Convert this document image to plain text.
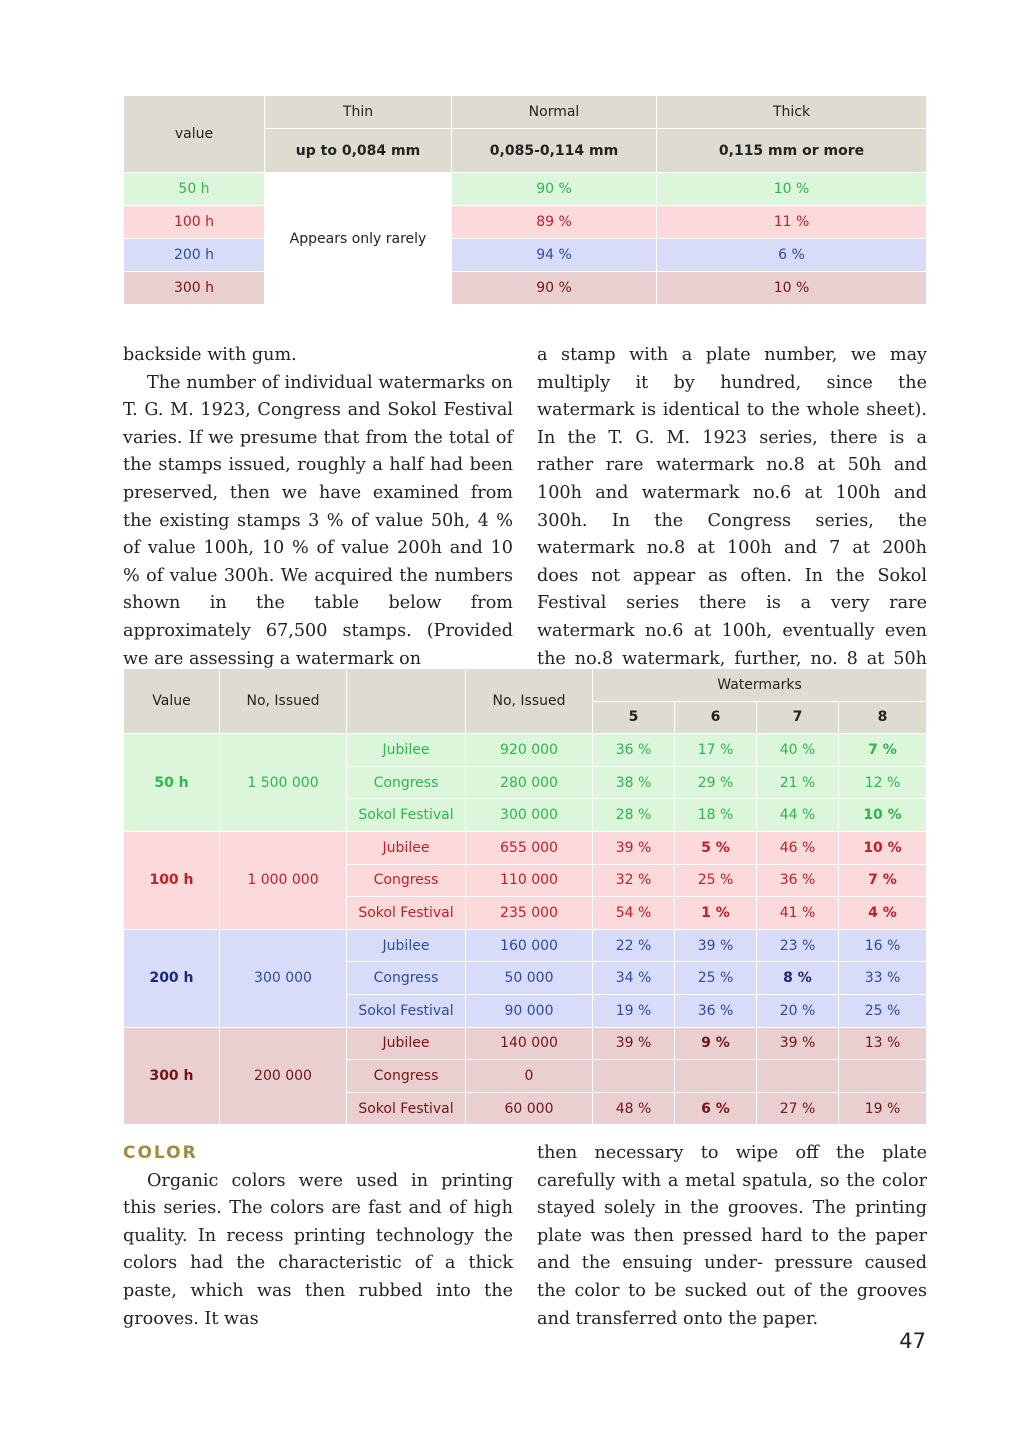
value	Thin	Normal	Thick
	up to 0,084 mm	0,085-0,114 mm	0,115 mm or more
50 h	Appears only rarely	90 %	10 %
100 h		89 %	11 %
200 h		94 %	6 %
300 h		90 %	10 %

backside with gum.

The number of individual watermarks on T. G. M. 1923, Congress and Sokol Festival varies. If we presume that from the total of the stamps issued, roughly a half had been preserved, then we have examined from the existing stamps 3 % of value 50h, 4 % of value 100h, 10 % of value 200h and 10 % of value 300h. We acquired the numbers shown in the table below from approximately 67,500 stamps. (Provided we are assessing a watermark on

a stamp with a plate number, we may multiply it by hundred, since the watermark is identical to the whole sheet). In the T. G. M. 1923 series, there is a rather rare watermark no.8 at 50h and 100h and watermark no.6 at 100h and 300h. In the Congress series, the watermark no.8 at 100h and 7 at 200h does not appear as often. In the Sokol Festival series there is a very rare watermark no.6 at 100h, eventually even the no.8 watermark, further, no. 8 at 50h

Value	No, Issued		No, Issued	Watermarks			
				5	6	7	8
50 h	1 500 000	Jubilee	920 000	36 %	17 %	40 %	7 %
		Congress	280 000	38 %	29 %	21 %	12 %
		Sokol Festival	300 000	28 %	18 %	44 %	10 %
100 h	1 000 000	Jubilee	655 000	39 %	5 %	46 %	10 %
		Congress	110 000	32 %	25 %	36 %	7 %
		Sokol Festival	235 000	54 %	1 %	41 %	4 %
200 h	300 000	Jubilee	160 000	22 %	39 %	23 %	16 %
		Congress	50 000	34 %	25 %	8 %	33 %
		Sokol Festival	90 000	19 %	36 %	20 %	25 %
300 h	200 000	Jubilee	140 000	39 %	9 %	39 %	13 %
		Congress	0				
		Sokol Festival	60 000	48 %	6 %	27 %	19 %
COLOR

Organic colors were used in printing this series. The colors are fast and of high quality. In recess printing technology the colors had the characteristic of a thick paste, which was then rubbed into the grooves. It was

then necessary to wipe off the plate carefully with a metal spatula, so the color stayed solely in the grooves. The printing plate was then pressed hard to the paper and the ensuing under- pressure caused the color to be sucked out of the grooves and transferred onto the paper.

47
